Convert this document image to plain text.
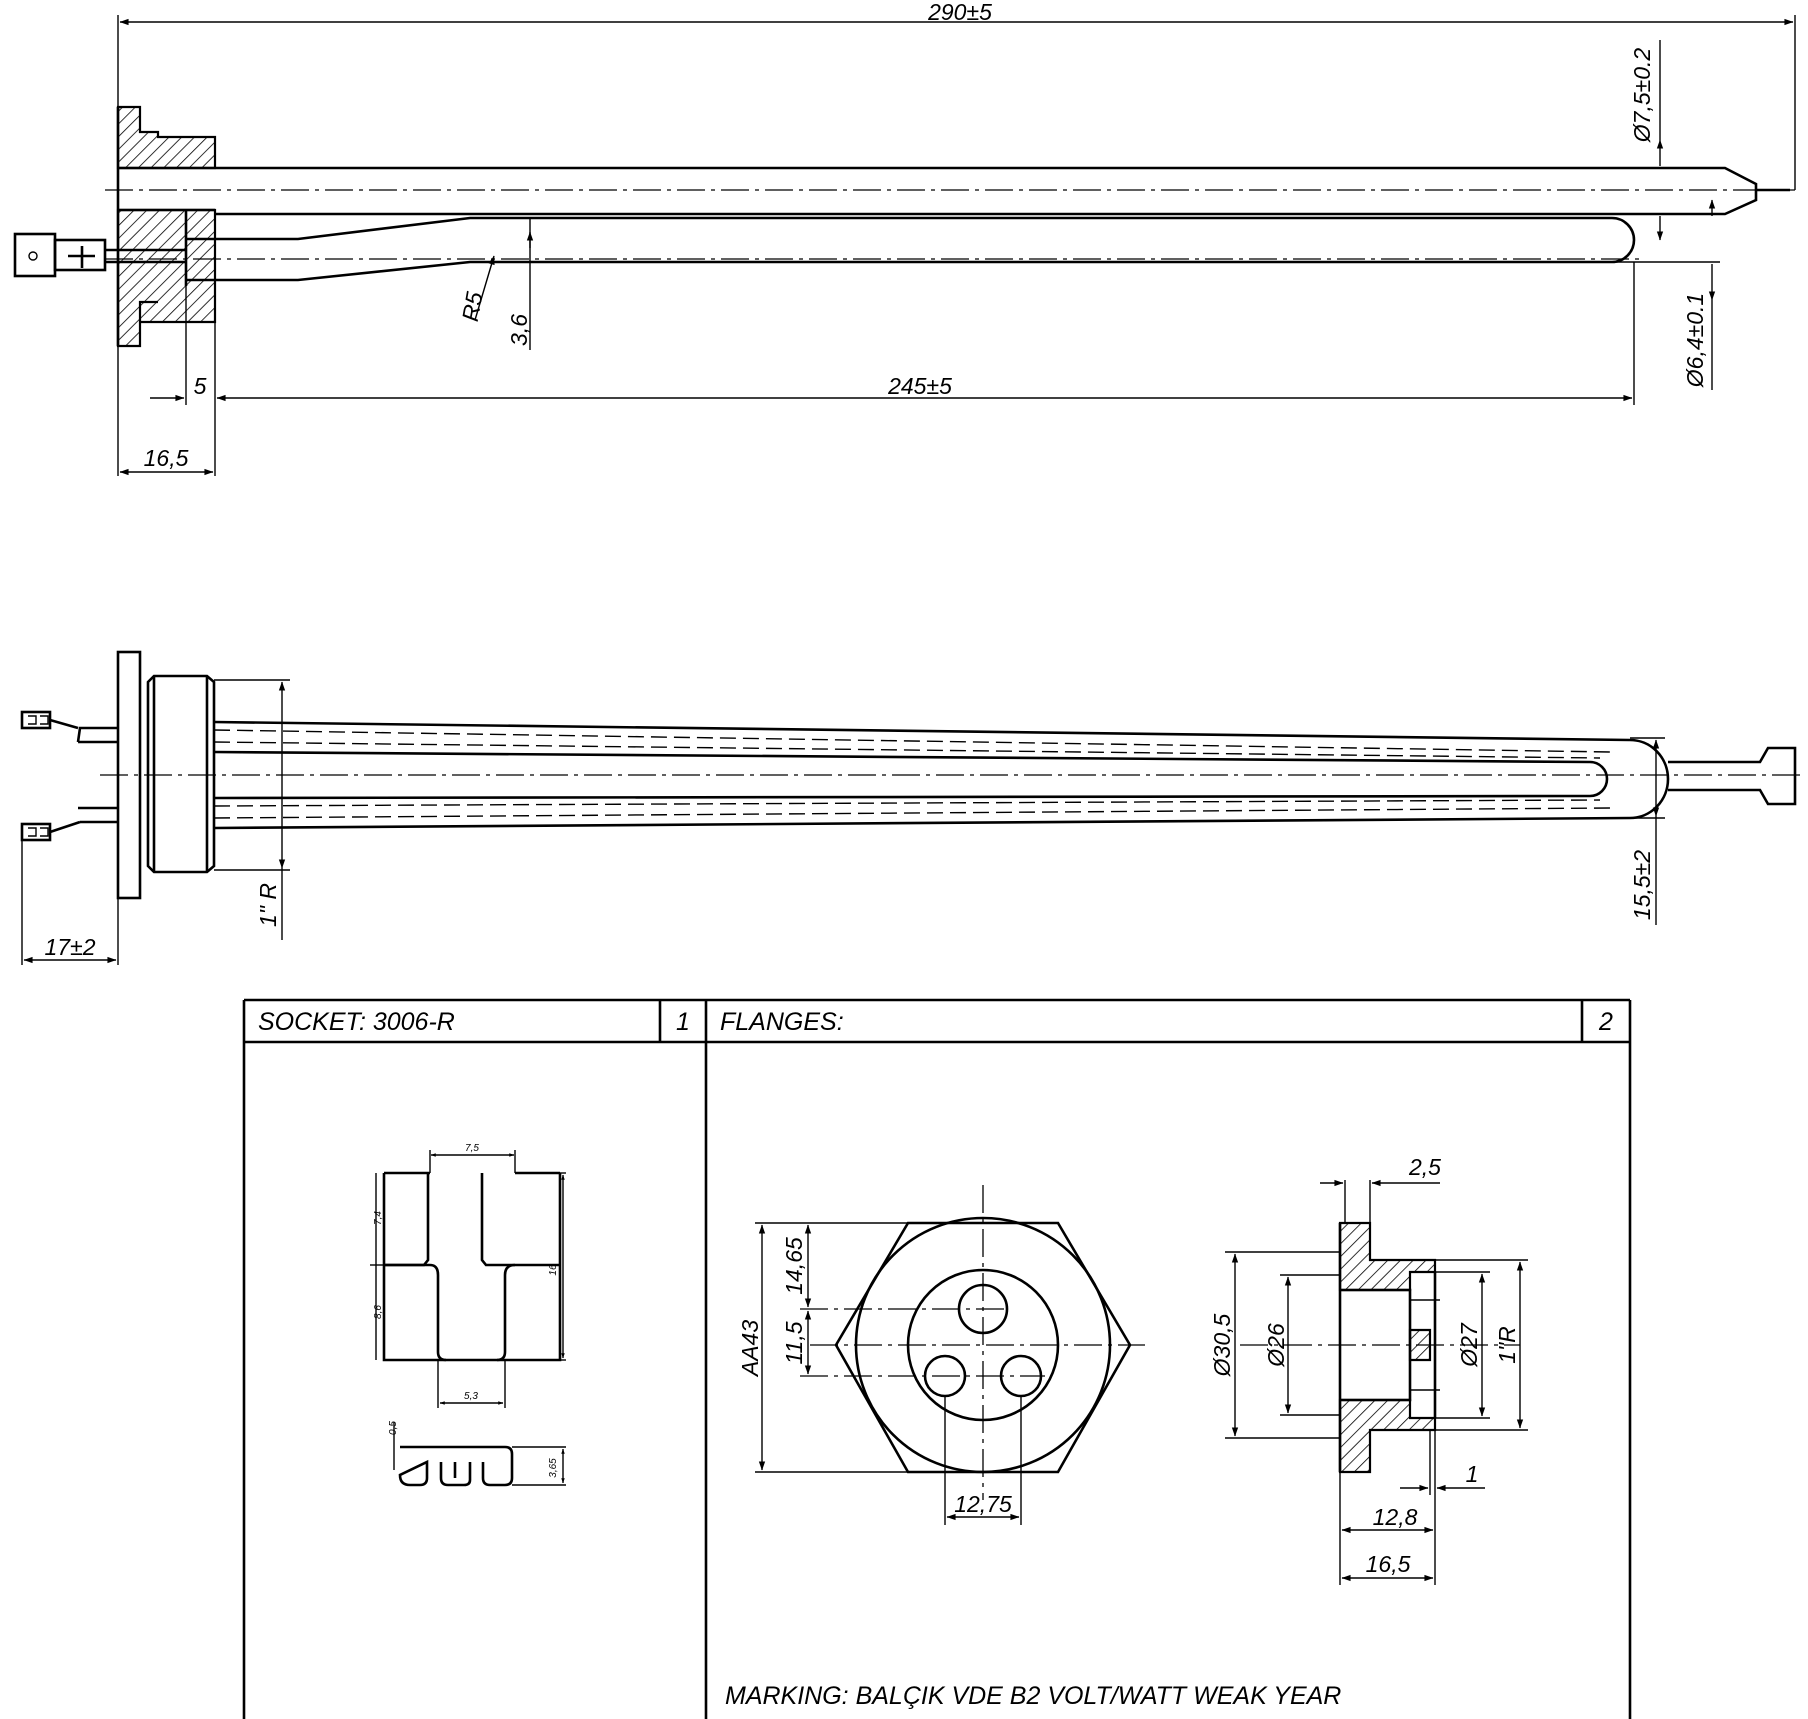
290±5
Ø7,5±0.2
Ø6,4±0.1
R5
3,6
5	245±5
16,5
1" R	15,5±2
17±2
SOCKET: 3006-R	1 FLANGES:	2
MARKING: BALÇIK VDE B2 VOLT/WATT WEAK YEAR
7,5
7,4
8,6
16
5,3
0,5
3,65
AA43
14,65
11,5
12,75
2,5
Ø30,5 Ø26	Ø27 1"R
1
12,8
16,5
